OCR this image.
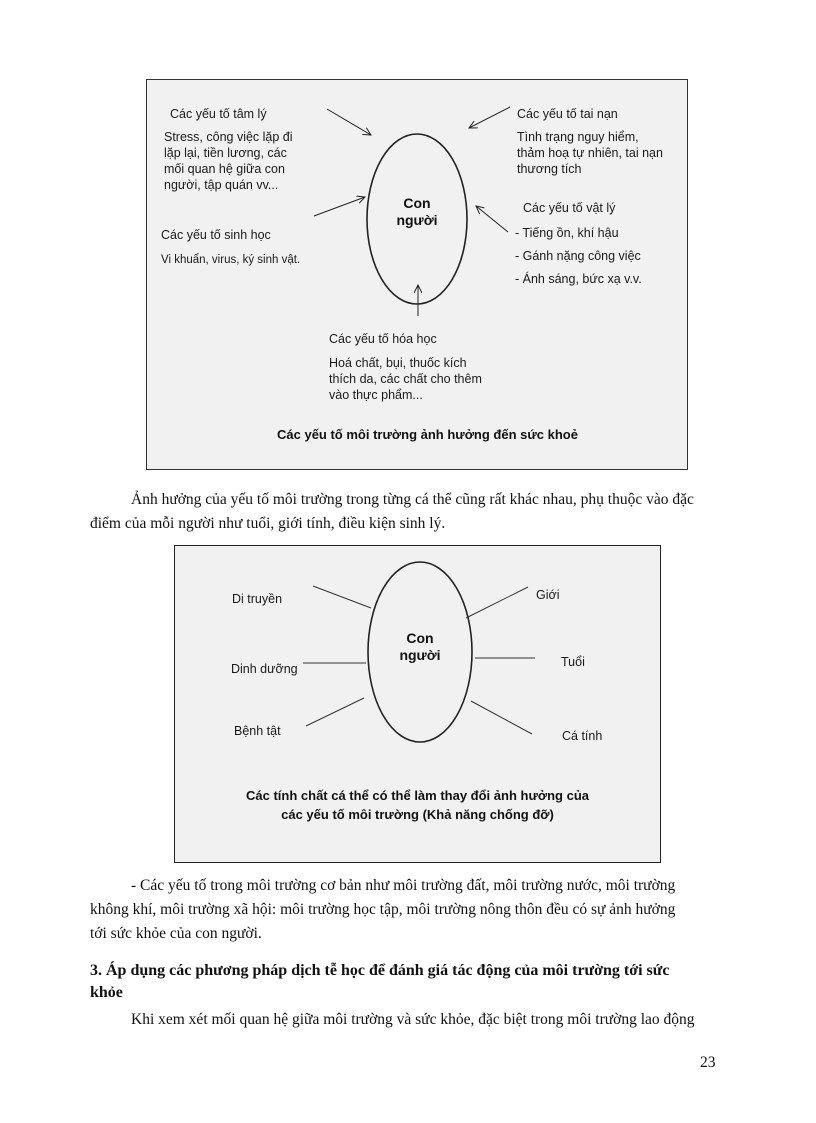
Con
người
Các yếu tố tâm lý
Stress, công việc lặp đi
lặp lại, tiền lương, các
mối quan hệ giữa con
người, tập quán vv...
Các yếu tố sinh học
Vi khuẩn, virus, ký sinh vật.
Các yếu tố tai nạn
Tình trạng nguy hiểm,
thảm hoạ tự nhiên, tai nạn
thương tích
Các yếu tố vật lý
- Tiếng ồn, khí hậu
- Gánh nặng công việc
- Ánh sáng, bức xạ v.v.
Các yếu tố hóa học
Hoá chất, bụi, thuốc kích
thích da, các chất cho thêm
vào thực phẩm...
Các yếu tố môi trường ảnh hưởng đến sức khoẻ
Ảnh hưởng của yếu tố môi trường trong từng cá thể cũng rất khác nhau, phụ thuộc vào đặc
điểm của mỗi người như tuổi, giới tính, điều kiện sinh lý.
Con
người
Di truyền
Dinh dưỡng
Bệnh tật
Giới
Tuổi
Cá tính
Các tính chất cá thể có thể làm thay đổi ảnh hưởng của
các yếu tố môi trường (Khả năng chống đỡ)
- Các yếu tố trong môi trường cơ bản như môi trường đất, môi trường nước, môi trường
không khí, môi trường xã hội: môi trường học tập, môi trường nông thôn đều có sự ảnh hưởng
tới sức khỏe của con người.
3. Áp dụng các phương pháp dịch tễ học để đánh giá tác động của môi trường tới sức
khỏe
Khi xem xét mối quan hệ giữa môi trường và sức khỏe, đặc biệt trong môi trường lao động
23
